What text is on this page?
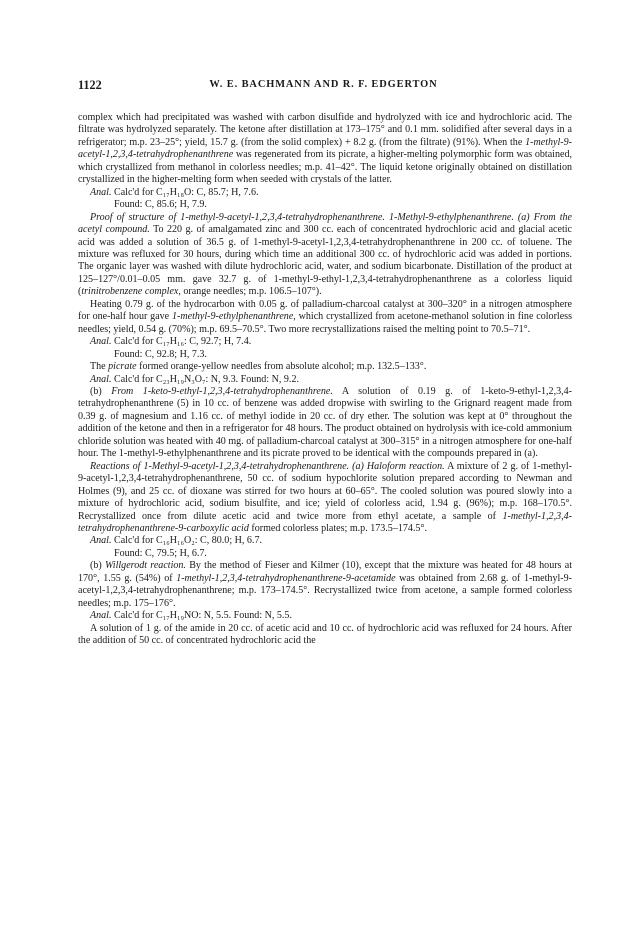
1122	W. E. BACHMANN AND R. F. EDGERTON

complex which had precipitated was washed with carbon disulfide and hydrolyzed with ice and hydrochloric acid. The filtrate was hydrolyzed separately. The ketone after distillation at 173–175° and 0.1 mm. solidified after several days in a refrigerator; m.p. 23–25°; yield, 15.7 g. (from the solid complex) + 8.2 g. (from the filtrate) (91%). When the 1-methyl-9-acetyl-1,2,3,4-tetrahydrophenanthrene was regenerated from its picrate, a higher-melting polymorphic form was obtained, which crystallized from methanol in colorless needles; m.p. 41–42°. The liquid ketone originally obtained on distillation crystallized in the higher-melting form when seeded with crystals of the latter.

Anal. Calc'd for C₁₇H₁₈O: C, 85.7; H, 7.6.

Found: C, 85.6; H, 7.9.

Proof of structure of 1-methyl-9-acetyl-1,2,3,4-tetrahydrophenanthrene. 1-Methyl-9-ethylphenanthrene. (a) From the acetyl compound. To 220 g. of amalgamated zinc and 300 cc. each of concentrated hydrochloric acid and glacial acetic acid was added a solution of 36.5 g. of 1-methyl-9-acetyl-1,2,3,4-tetrahydrophenanthrene in 200 cc. of toluene. The mixture was refluxed for 30 hours, during which time an additional 300 cc. of hydrochloric acid was added in portions. The organic layer was washed with dilute hydrochloric acid, water, and sodium bicarbonate. Distillation of the product at 125–127°/0.01–0.05 mm. gave 32.7 g. of 1-methyl-9-ethyl-1,2,3,4-tetrahydrophenanthrene as a colorless liquid (trinitrobenzene complex, orange needles; m.p. 106.5–107°).

Heating 0.79 g. of the hydrocarbon with 0.05 g. of palladium-charcoal catalyst at 300–320° in a nitrogen atmosphere for one-half hour gave 1-methyl-9-ethylphenanthrene, which crystallized from acetone-methanol solution in fine colorless needles; yield, 0.54 g. (70%); m.p. 69.5–70.5°. Two more recrystallizations raised the melting point to 70.5–71°.

Anal. Calc'd for C₁₇H₁₆: C, 92.7; H, 7.4.

Found: C, 92.8; H, 7.3.

The picrate formed orange-yellow needles from absolute alcohol; m.p. 132.5–133°.

Anal. Calc'd for C₂₃H₁₉N₃O₇: N, 9.3. Found: N, 9.2.

(b) From 1-keto-9-ethyl-1,2,3,4-tetrahydrophenanthrene. A solution of 0.19 g. of 1-keto-9-ethyl-1,2,3,4-tetrahydrophenanthrene (5) in 10 cc. of benzene was added dropwise with swirling to the Grignard reagent made from 0.39 g. of magnesium and 1.16 cc. of methyl iodide in 20 cc. of dry ether. The solution was kept at 0° throughout the addition of the ketone and then in a refrigerator for 48 hours. The product obtained on hydrolysis with ice-cold ammonium chloride solution was heated with 40 mg. of palladium-charcoal catalyst at 300–315° in a nitrogen atmosphere for one-half hour. The 1-methyl-9-ethylphenanthrene and its picrate proved to be identical with the compounds prepared in (a).

Reactions of 1-Methyl-9-acetyl-1,2,3,4-tetrahydrophenanthrene. (a) Haloform reaction. A mixture of 2 g. of 1-methyl-9-acetyl-1,2,3,4-tetrahydrophenanthrene, 50 cc. of sodium hypochlorite solution prepared according to Newman and Holmes (9), and 25 cc. of dioxane was stirred for two hours at 60–65°. The cooled solution was poured slowly into a mixture of hydrochloric acid, sodium bisulfite, and ice; yield of colorless acid, 1.94 g. (96%); m.p. 168–170.5°. Recrystallized once from dilute acetic acid and twice more from ethyl acetate, a sample of 1-methyl-1,2,3,4-tetrahydrophenanthrene-9-carboxylic acid formed colorless plates; m.p. 173.5–174.5°.

Anal. Calc'd for C₁₆H₁₆O₂: C, 80.0; H, 6.7.

Found: C, 79.5; H, 6.7.

(b) Willgerodt reaction. By the method of Fieser and Kilmer (10), except that the mixture was heated for 48 hours at 170°, 1.55 g. (54%) of 1-methyl-1,2,3,4-tetrahydrophenanthrene-9-acetamide was obtained from 2.68 g. of 1-methyl-9-acetyl-1,2,3,4-tetrahydrophenanthrene; m.p. 173–174.5°. Recrystallized twice from acetone, a sample formed colorless needles; m.p. 175–176°.

Anal. Calc'd for C₁₇H₁₉NO: N, 5.5. Found: N, 5.5.

A solution of 1 g. of the amide in 20 cc. of acetic acid and 10 cc. of hydrochloric acid was refluxed for 24 hours. After the addition of 50 cc. of concentrated hydrochloric acid the
